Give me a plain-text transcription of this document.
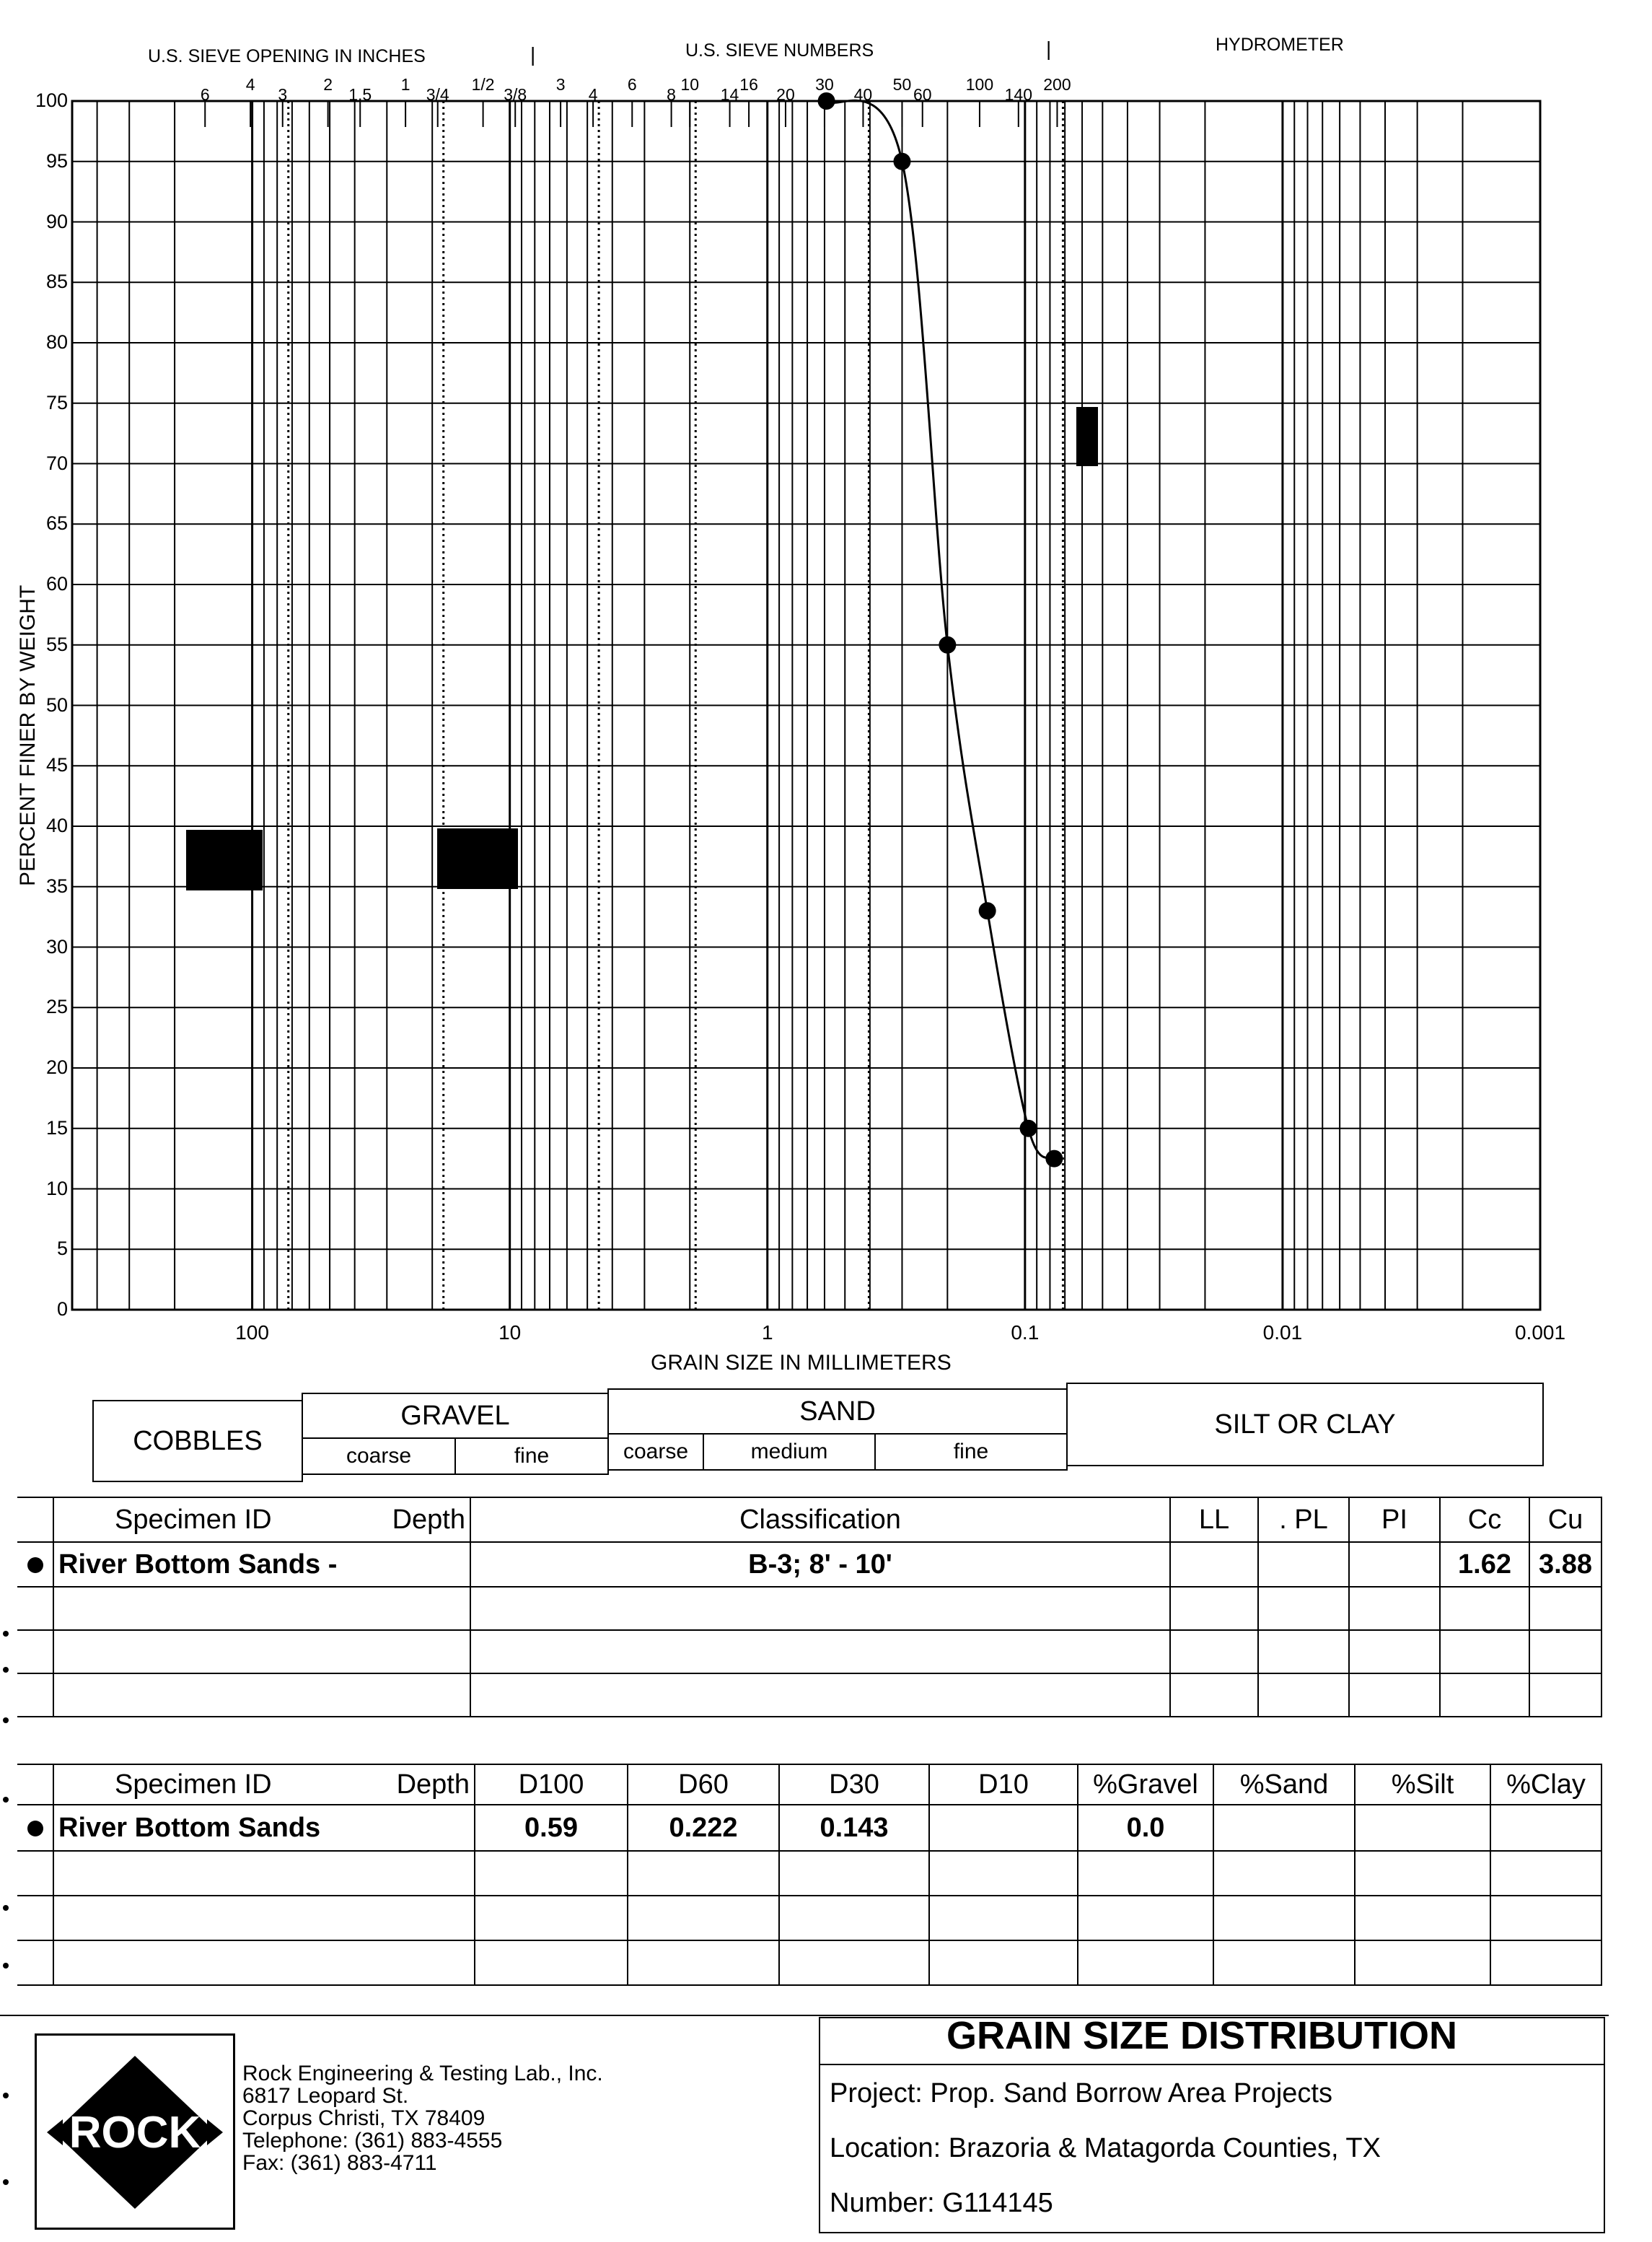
U.S. SIEVE OPENING IN INCHES	|	U.S. SIEVE NUMBERS	|	HYDROMETER
6
4
3
2
1.5
1
3/4
1/2
3/8
3
4
6
8
10
14
16
20
30
40
50
60
100
140
200
0
5
10
15
20
25
30
35
40
45
50
55
60
65
70
75
80
85
90
95
100
100	10	1	0.1	0.01	0.001
PERCENT FINER BY WEIGHT
GRAIN SIZE IN MILLIMETERS
COBBLES
GRAVEL
coarse	fine
SAND
coarse	medium	fine
SILT OR CLAY
	Specimen ID Depth	Classification	LL	. PL	PI	Cc	Cu
	River Bottom Sands -	B-3; 8' - 10'				1.62	3.88

	Specimen ID Depth	D100	D60	D30	D10	%Gravel	%Sand	%Silt	%Clay
	River Bottom Sands	0.59	0.222	0.143		0.0			

ROCK
Rock Engineering & Testing Lab., Inc.
6817 Leopard St.
Corpus Christi, TX 78409
Telephone: (361) 883-4555
Fax: (361) 883-4711
GRAIN SIZE DISTRIBUTION
Project: Prop. Sand Borrow Area Projects
Location: Brazoria & Matagorda Counties, TX
Number: G114145
